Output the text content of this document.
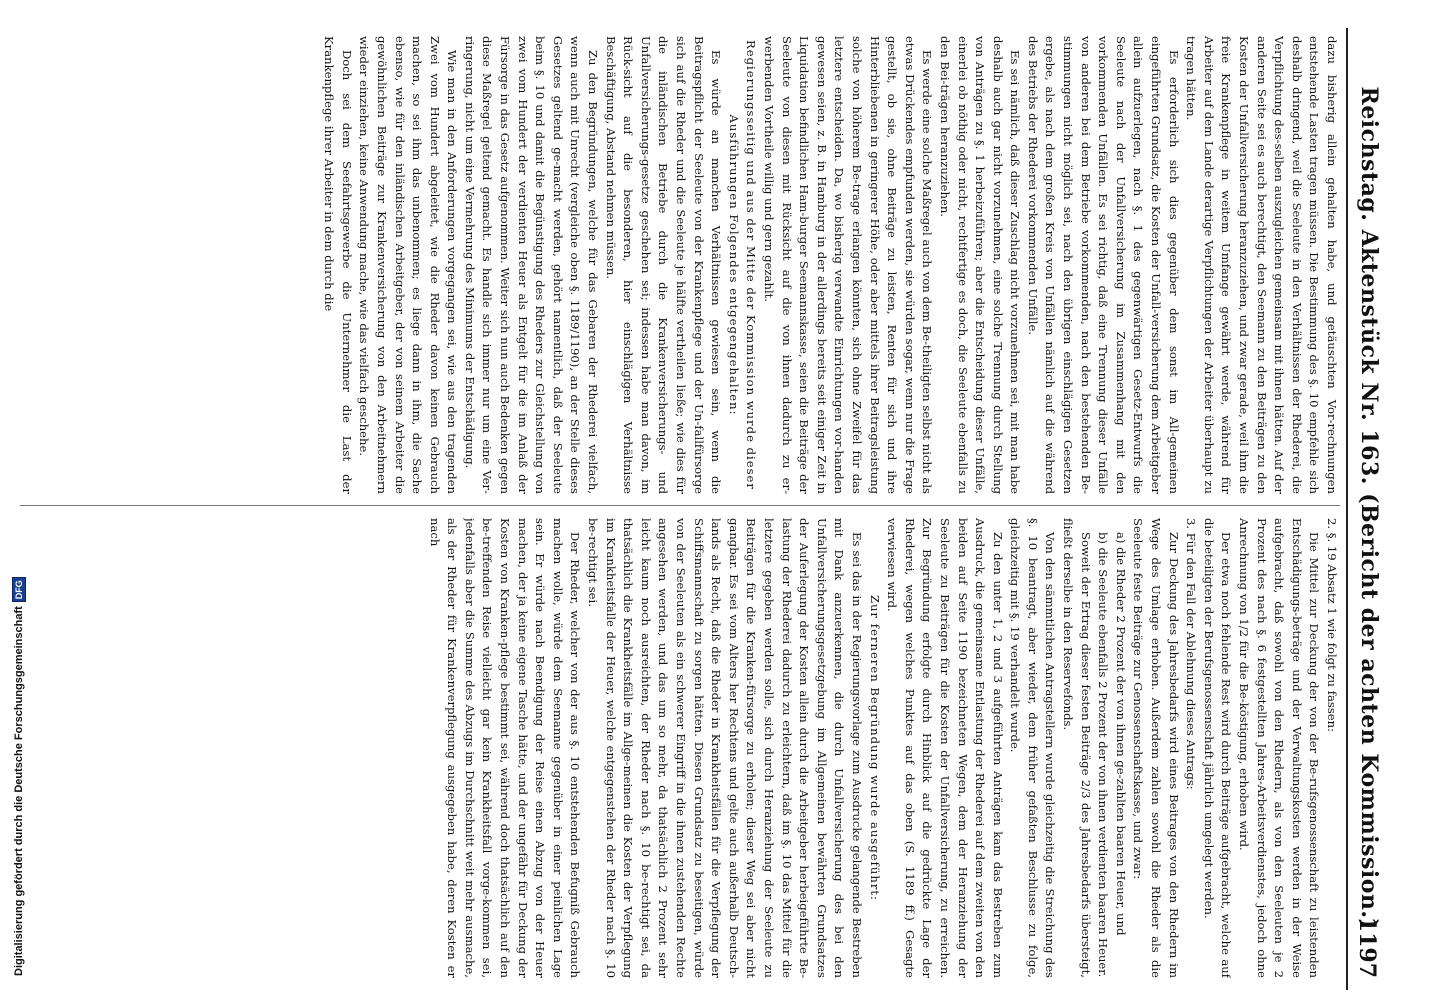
Reichstag. Aktenstück Nr. 163. (Bericht der achten Kommission.)
1197

dazu bisherig allein gehalten habe, und getäuschten Vor-rechnungen entstehende Lasten tragen müssen. Die Bestimmung des §. 10 empfehle sich deshalb dringend, weil die Seeleute in den Verhältnissen der Rhederei, die Verpflichtung des-selben auszugleichen gemeinsam mit ihnen hätten. Auf der anderen Seite sei es auch berechtigt, den Seemann zu den Beiträgen zu den Kosten der Unfallversicherung heranzuziehen, und zwar gerade, weil ihm die freie Krankenpflege in weitem Umfange gewährt werde, während für Arbeiter auf dem Lande derartige Verpflichtungen der Arbeiter überhaupt zu tragen hätten.

Es erforderlich sich dies gegenüber dem sonst im All-gemeinen eingeführten Grundsatz, die Kosten der Unfall-versicherung dem Arbeitgeber allein aufzuerlegen, nach §. 1 des gegenwärtigen Gesetz-Entwurfs die Seeleute nach der Unfallversicherung im Zusammenhang mit den vorkommenden Unfällen. Es sei richtig, daß eine Trennung dieser Unfälle von anderen bei dem Betriebe vorkommenden, nach den bestehenden Be-stimmungen nicht möglich sei, nach den übrigen einschlägigen Gesetzen ergebe, als nach dem großen Kreis von Unfällen nämlich auf die während des Betriebs der Rhederei vorkommenden Unfälle.

Es sei nämlich, daß dieser Zuschlag nicht vorzunehmen sei, mit man habe deshalb auch gar nicht vorzunehmen, eine solche Trennung durch Stellung von Anträgen zu §. 1 herbeizuführen; aber die Entscheidung dieser Unfälle, einerlei ob nöthig oder nicht, rechtfertige es doch, die Seeleute ebenfalls zu den Bei-trägen heranzuziehen.

Es werde eine solche Maßregel auch von dem Be-theiligten selbst nicht als etwas Drückendes empfunden werden, sie würden sogar, wenn nur die Frage gestellt, ob sie, ohne Beiträge zu leisten, Renten für sich und ihre Hinterbliebenen in geringerer Höhe, oder aber mittels ihrer Beitragsleistung solche von höherem Be-trage erlangen könnten, sich ohne Zweifel für das letztere entscheiden. Da, wo bisherig verwandte Einrichtungen vor-handen gewesen seien, z. B. in Hamburg in der allerdings bereits seit einiger Zeit in Liquidation befindlichen Ham-burger Seemannskasse, seien die Beiträge der Seeleute von diesen mit Rücksicht auf die von ihnen dadurch zu er-werbenden Vortheile willig und gern gezahlt.

Regierungsseitig und aus der Mitte der Kommission wurde dieser Ausführungen Folgendes entgegengehalten:

Es würde an manchen Verhältnissen gewiesen sein, wenn die Beitragspflicht der Seeleute von der Krankenpflege und der Un-fallfürsorge sich auf die Rheder und die Seeleute je hälfte vertheilen ließe; wie dies für die inländischen Betriebe durch die Krankenversicherungs- und Unfallversicherungs-gesetze geschehen sei; indessen habe man davon, im Rück-sicht auf die besonderen, hier einschlägigen Verhältnisse Beschäftigung, Abstand nehmen müssen.

Zu den Begründungen, welche für das Gebaren der Rhederei vielfach, wenn auch mit Unrecht (vergleiche oben §. 1189/1190), an der Stelle dieses Gesetzes geltend ge-macht werden, gehört namentlich, daß der Seeleute beim §. 10 und damit die Begünstigung des Rheders zur Gleichstellung von zwei vom Hundert der verdienten Heuer als Entgelt für die im Anlaß der Fürsorge in das Gesetz aufgenommen. Weiter sich nun auch Bedenken gegen diese Maßregel geltend gemacht. Es handle sich immer nur um eine Ver-ringerung, nicht um eine Vermehrung des Minimums der Entschädigung.

Wie man in den Anforderungen vorgegangen sei, wie aus den tragenden Zwei vom Hundert abgeleitet, wie die Rheder davon keinen Gebrauch machen, so sei ihm das unbenommen; es liege dann in ihm, die Sache ebenso, wie für den inländischen Arbeitgeber, der von seinem Arbeiter die gewöhnlichen Beiträge zur Krankenversicherung von den Arbeitnehmern wieder einziehen, keine Anwendung mache, wie das vielfach geschehe.

Doch sei dem Seefahrtsgewerbe die Unternehmer die Last der Krankenpflege ihrer Arbeiter in dem durch die

2. §. 19 Absatz 1 wie folgt zu fassen:

Die Mittel zur Deckung der von der Be-rufsgenossenschaft zu leistenden Entschädigungs-beträge und der Verwaltungskosten werden in der Weise aufgebracht, daß sowohl von den Rhedern, als von den Seeleuten je 2 Prozent des nach §. 6 festgestellten Jahres-Arbeitsverdienstes, jedoch ohne Anrechnung von 1/2 für die Be-köstigung, erhoben wird.

Der etwa noch fehlende Rest wird durch Beiträge aufgebracht, welche auf die beteiligten der Berufsgenossenschaft jährlich umgelegt werden.

3. Für den Fall der Ablehnung dieses Antrags:

Zur Deckung des Jahresbedarfs wird eines Beitrages von den Rhedern im Wege des Umlage erhoben. Außerdem zahlen sowohl die Rheder als die Seeleute feste Beiträge zur Genossenschaftskasse, und zwar:

a) die Rheder 2 Prozent der von ihnen ge-zahlten baaren Heuer, und

b) die Seeleute ebenfalls 2 Prozent der von ihnen verdienten baaren Heuer.

Soweit der Ertrag dieser festen Beiträge 2/3 des Jahresbedarfs übersteigt, fließt derselbe in den Reservefonds.

Von den sämmtlichen Antragstellern wurde gleichzeitig die Streichung des §. 10 beantragt, aber wieder, dem früher gefaßten Beschlusse zu folge, gleichzeitig mit §. 19 verhandelt wurde.

Zu den unter 1, 2 und 3 aufgeführten Anträgen kam das Bestreben zum Ausdruck, die gemeinsame Entlastung der Rhederei auf dem zweiten von den beiden auf Seite 1190 bezeichneten Wegen, dem der Heranziehung der Seeleute zu Beiträgen für die Kosten der Unfallversicherung, zu erreichen. Zur Begründung erfolgte durch Hinblick auf die gedrückte Lage der Rhederei, wegen welches Punktes auf das oben (S. 1189 ff.) Gesagte verwiesen wird.

Zur ferneren Begründung wurde ausgeführt:

Es sei das in der Regierungsvorlage zum Ausdrucke gelangende Bestreben mit Dank anzuerkennen, die durch Unfallversicherung des bei den Unfallversicherungsgesetzgebung im Allgemeinen bewährten Grundsatzes der Auferlegung der Kosten allein durch die Arbeitgeber herbeigeführte Be-lastung der Rhederei dadurch zu erleichtern, daß im §. 10 das Mittel für die letztere gegeben werden solle, sich durch Heranziehung der Seeleute zu Beiträgen für die Kranken-fürsorge zu erholen; dieser Weg sei aber nicht gangbar. Es sei vom Alters her Rechtens und gelte auch außerhalb Deutsch-lands als Recht, daß die Rheder in Krankheitsfällen für die Verpflegung der Schiffsmannschaft zu sorgen hätten. Diesen Grundsatz zu beseitigen, würde von der Seeleuten als ein schwerer Eingriff in die ihnen zustehenden Rechte angesehen werden, und das um so mehr, da thatsächlich 2 Prozent sehr leicht kaum noch ausreichten, der Rheder nach §. 10 be-rechtigt sei, da thatsächlich die Krankheitsfälle im Allge-meinen die Kosten der Verpflegung im Krankheitsfalle der Heuer, welche entgegenstehen der Rheder nach §. 10 be-rechtigt sei.

Der Rheder, welcher von der aus §. 10 entstehenden Befugniß Gebrauch machen wolle, würde dem Seemanne gegenüber in einer peinlichen Lage sein. Er würde nach Beendigung der Reise einen Abzug von der Heuer machen, der ja keine eigene Tasche hätte, und der ungefähr für Deckung der Kosten von Kranken-pflege bestimmt sei, während doch thatsächlich auf den be-treffenden Reise vielleicht gar kein Krankheitsfall vorge-kommen sei, jedenfalls aber die Summe des Abzugs im Durchschnitt weit mehr ausmache, als der Rheder für Krankenverpflegung ausgegeben habe, deren Kosten er nach

Digitalisierung gefördert durch die Deutsche Forschungsgemeinschaft
DFG
